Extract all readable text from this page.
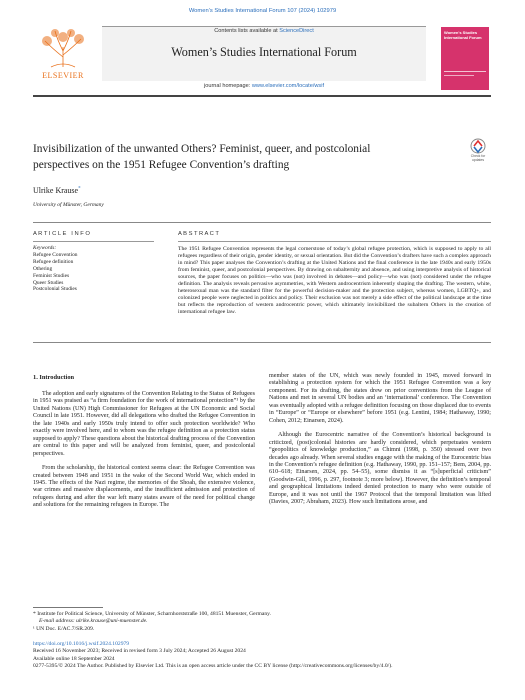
Women’s Studies International Forum 107 (2024) 102979
ELSEVIER
Contents lists available at ScienceDirect
Women’s Studies International Forum
journal homepage: www.elsevier.com/locate/wsif
Women's Studies International Forum
Invisibilization of the unwanted Others? Feminist, queer, and postcolonial
perspectives on the 1951 Refugee Convention’s drafting
Check for updates
Ulrike Krause*
University of Münster, Germany
A R T I C L E   I N F O
Keywords:
Refugee Convention
Refugee definition
Othering
Feminist Studies
Queer Studies
Postcolonial Studies
A B S T R A C T

The 1951 Refugee Convention represents the legal cornerstone of today’s global refugee protection, which is supposed to apply to all refugees regardless of their origin, gender identity, or sexual orientation. But did the Convention’s drafters have such a complex approach in mind? This paper analyses the Convention’s drafting at the United Nations and the final conference in the late 1940s and early 1950s from feminist, queer, and postcolonial perspectives. By drawing on subalternity and absence, and using interpretive analysis of historical sources, the paper focuses on politics—who was (not) involved in debates—and policy—who was (not) considered under the refugee definition. The analysis reveals pervasive asymmetries, with Western androcentrism inherently shaping the drafting. The western, white, heterosexual man was the standard filter for the powerful decision-maker and the protection subject, whereas women, LGBTQ+, and colonized people were neglected in politics and policy. Their exclusion was not merely a side effect of the political landscape at the time but reflects the reproduction of western androcentric power, which ultimately invisibilized the subaltern Others in the creation of international refugee law.

1. Introduction

The adoption and early signatures of the Convention Relating to the Status of Refugees in 1951 was praised as “a firm foundation for the work of international protection”¹ by the United Nations (UN) High Commissioner for Refugees at the UN Economic and Social Council in late 1951. However, did all delegations who drafted the Refugee Convention in the late 1940s and early 1950s truly intend to offer such protection worldwide? Who exactly were involved here, and to whom was the refugee definition as a protection status supposed to apply? These questions about the historical drafting process of the Convention are central to this paper and will be analyzed from feminist, queer, and postcolonial perspectives.

From the scholarship, the historical context seems clear: the Refugee Convention was created between 1948 and 1951 in the wake of the Second World War, which ended in 1945. The effects of the Nazi regime, the memories of the Shoah, the extensive violence, war crimes and massive displacements, and the insufficient admission and protection of refugees during and after the war left many states aware of the need for political change and solutions for the remaining refugees in Europe. The

member states of the UN, which was newly founded in 1945, moved forward in establishing a protection system for which the 1951 Refugee Convention was a key component. For its drafting, the states drew on prior conventions from the League of Nations and met in several UN bodies and an ‘international’ conference. The Convention was eventually adopted with a refugee definition focusing on those displaced due to events in “Europe” or “Europe or elsewhere” before 1951 (e.g. Lentini, 1984; Hathaway, 1990; Cohen, 2012; Einarsen, 2024).

Although the Eurocentric narrative of the Convention’s historical background is criticized, (post)colonial histories are hardly considered, which perpetuates western “geopolitics of knowledge production,” as Chimni (1998, p. 350) stressed over two decades ago already. When several studies engage with the making of the Eurocentric bias in the Convention’s refugee definition (e.g. Hathaway, 1990, pp. 151–157; Bem, 2004, pp. 610–618; Einarsen, 2024, pp. 54–55), some dismiss it as “[s]uperficial criticism” (Goodwin-Gill, 1996, p. 297, footnote 3; more below). However, the definition’s temporal and geographical limitations indeed denied protection to many who were outside of Europe, and it was not until the 1967 Protocol that the temporal limitation was lifted (Davies, 2007; Abraham, 2023). How such limitations arose, and

* Institute for Political Science, University of Münster, Scharnhorststraße 100, 48151 Muenster, Germany.
E-mail address: ulrike.krause@uni-muenster.de.
¹ UN Doc. E/AC.7/SR.209.
https://doi.org/10.1016/j.wsif.2024.102979
Received 16 November 2023; Received in revised form 3 July 2024; Accepted 26 August 2024
Available online 18 September 2024
0277-5395/© 2024 The Author. Published by Elsevier Ltd. This is an open access article under the CC BY license (http://creativecommons.org/licenses/by/4.0/).
